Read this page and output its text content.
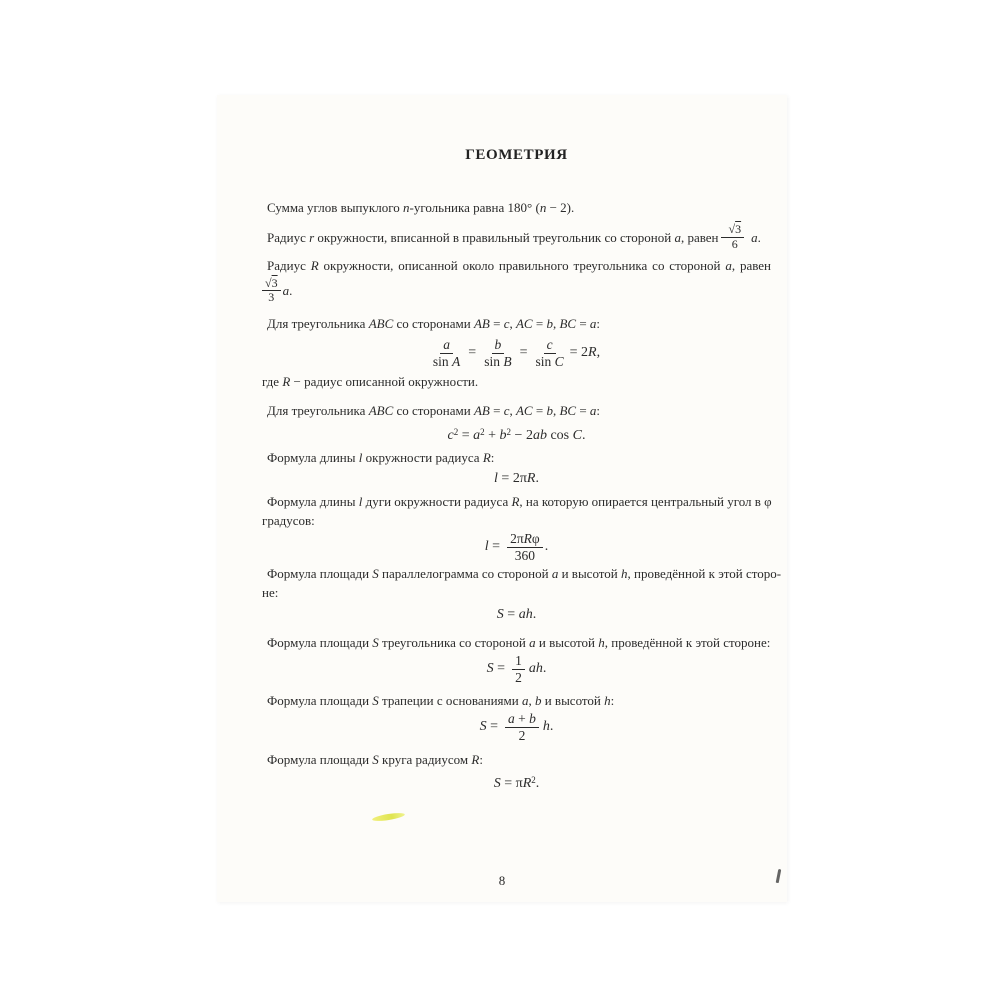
ГЕОМЕТРИЯ

Сумма углов выпуклого n-угольника равна 180° (n − 2).

Радиус r окружности, вписанной в правильный треугольник со стороной a, равен $\frac{√3}{6} a$.

Радиус R окружности, описанной около правильного треугольника со стороной a, равен
$\frac{√3}{3} a$.

Для треугольника ABC со сторонами AB = c, AC = b, BC = a:

$\frac{a}{\text{sin A}} = \frac{b}{\text{sin B}} = \frac{c}{\text{sin C}} = 2R$,

где R − радиус описанной окружности.

Для треугольника ABC со сторонами AB = c, AC = b, BC = a:

$c^2 = a^2 + b^2 - 2ab$ cos C.

Формула длины l окружности радиуса R:

l = 2πR.
Формула длины l дуги окружности радиуса R, на которую опирается центральный угол в φ
градусов:
$l = \frac{\text{2πRφ}}{360}$ .
Формула площади S параллелограмма со стороной a и высотой h, проведённой к этой сторо-
не:
S = ah.

Формула площади S треугольника со стороной a и высотой h, проведённой к этой стороне:

$S = \frac{1}{2}$ ah.

Формула площади S трапеции с основаниями a, b и высотой h:

$S = \frac{a + b}{2} h$.

Формула площади S круга радиусом R:

$S = \pi R^2$.
8
